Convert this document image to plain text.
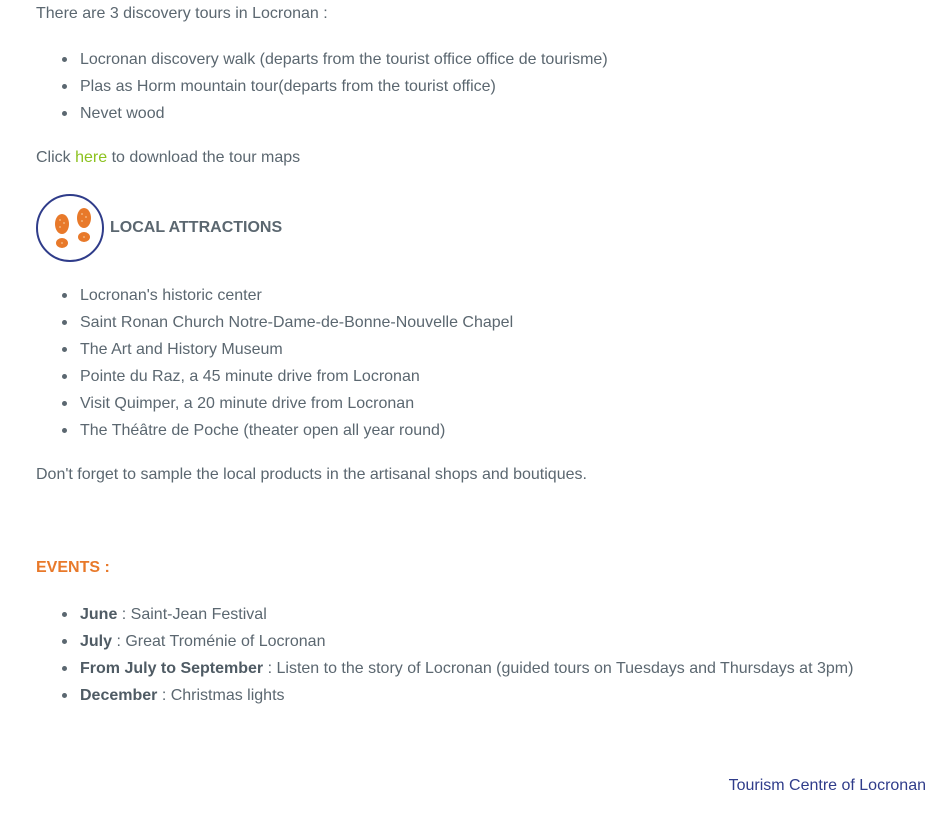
There are 3 discovery tours in Locronan :

Locronan discovery walk (departs from the tourist office office de tourisme)
Plas as Horm mountain tour(departs from the tourist office)
Nevet wood

Click here to download the tour maps

LOCAL ATTRACTIONS
Locronan's historic center
Saint Ronan Church Notre-Dame-de-Bonne-Nouvelle Chapel
The Art and History Museum
Pointe du Raz, a 45 minute drive from Locronan
Visit Quimper, a 20 minute drive from Locronan
The Théâtre de Poche (theater open all year round)

Don't forget to sample the local products in the artisanal shops and boutiques.

EVENTS :

June : Saint-Jean Festival
July : Great Troménie of Locronan
From July to September : Listen to the story of Locronan (guided tours on Tuesdays and Thursdays at 3pm)
December : Christmas lights
Tourism Centre of Locronan
